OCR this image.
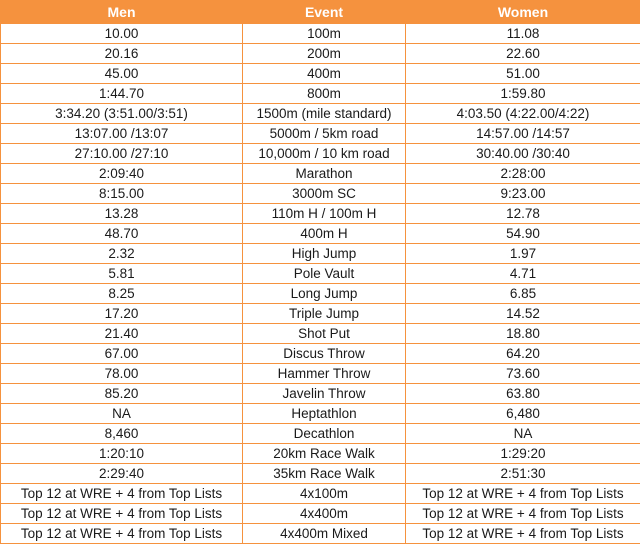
Men	Event	Women
10.00	100m	11.08
20.16	200m	22.60
45.00	400m	51.00
1:44.70	800m	1:59.80
3:34.20 (3:51.00/3:51)	1500m (mile standard)	4:03.50 (4:22.00/4:22)
13:07.00 /13:07	5000m / 5km road	14:57.00 /14:57
27:10.00 /27:10	10,000m / 10 km road	30:40.00 /30:40
2:09:40	Marathon	2:28:00
8:15.00	3000m SC	9:23.00
13.28	110m H / 100m H	12.78
48.70	400m H	54.90
2.32	High Jump	1.97
5.81	Pole Vault	4.71
8.25	Long Jump	6.85
17.20	Triple Jump	14.52
21.40	Shot Put	18.80
67.00	Discus Throw	64.20
78.00	Hammer Throw	73.60
85.20	Javelin Throw	63.80
NA	Heptathlon	6,480
8,460	Decathlon	NA
1:20:10	20km Race Walk	1:29:20
2:29:40	35km Race Walk	2:51:30
Top 12 at WRE + 4 from Top Lists	4x100m	Top 12 at WRE + 4 from Top Lists
Top 12 at WRE + 4 from Top Lists	4x400m	Top 12 at WRE + 4 from Top Lists
Top 12 at WRE + 4 from Top Lists	4x400m Mixed	Top 12 at WRE + 4 from Top Lists
